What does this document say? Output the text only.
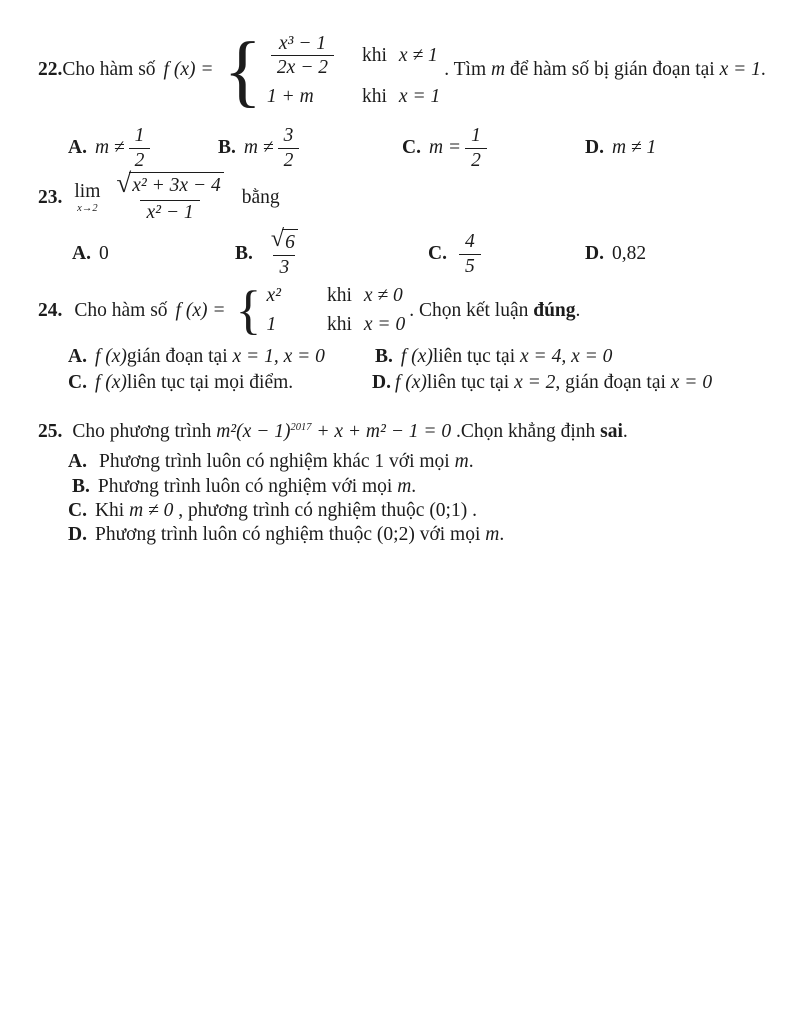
22. Cho hàm số f (x) = { $\frac{\text{x³ − 1}}{2x - 2}$ khi x ≠ 1
1 + m khi x = 1
. Tìm m để hàm số bị gián đoạn tại x = 1.
A. $m \ne \frac{1}{2}$	B. $m \ne \frac{3}{2}$	C. $m = \frac{1}{2}$	D. m ≠ 1
23. lim
$x\to 2 \frac{\text{√ x² + 3x − 4}}{\text{x² − 1}}$ bằng
A. 0	B. $\frac{√ 6}{3}$	C. $\frac{4}{5}$	D. 0,82
24. Cho hàm số f (x) = { x² khi x ≠ 0
1	khi x = 0
. Chọn kết luận đúng.
A. f (x)gián đoạn tại x = 1, x = 0	B. f (x)liên tục tại x = 4, x = 0
C. f (x)liên tục tại mọi điểm.	D. f (x)liên tục tại x = 2, gián đoạn tại x = 0
25. Cho phương trình $m^2(x - 1)^{2017} + x + m^2 - 1 = 0$ .Chọn khẳng định sai.
A. Phương trình luôn có nghiệm khác 1 với mọi m.
B. Phương trình luôn có nghiệm với mọi m.
C. Khi m ≠ 0 , phương trình có nghiệm thuộc (0;1) .
D. Phương trình luôn có nghiệm thuộc (0;2) với mọi m.
